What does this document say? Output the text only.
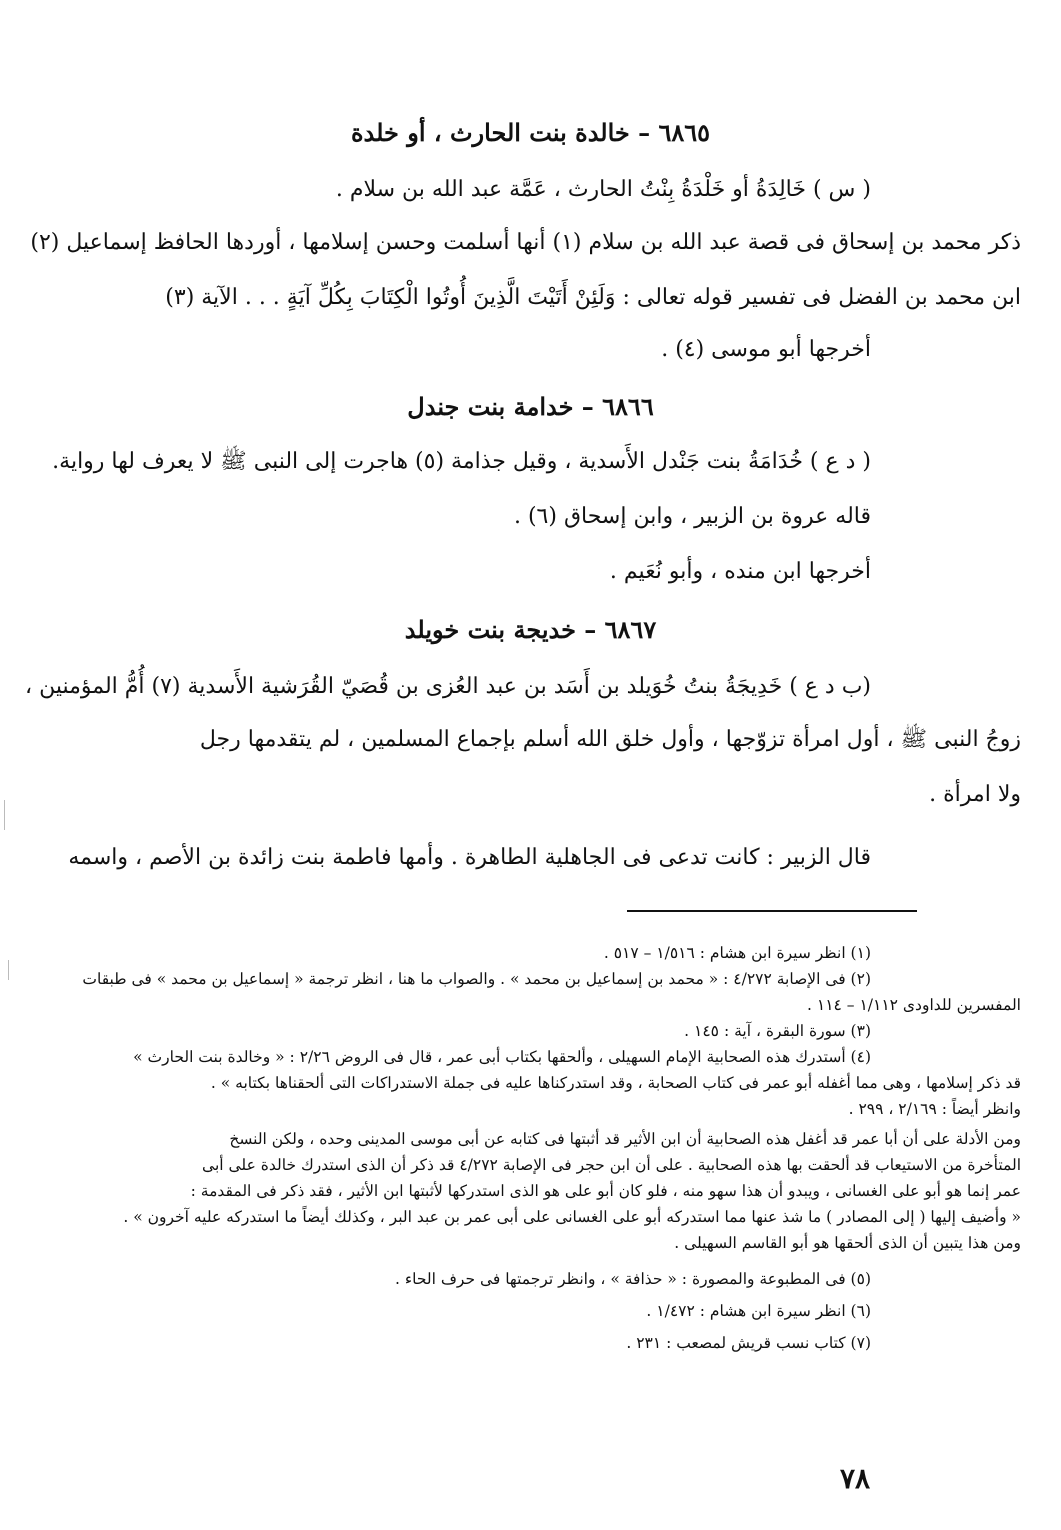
٦٨٦٥ – خالدة بنت الحارث ، أو خلدة
( س ) خَالِدَةُ أو خَلْدَةُ بِنْتُ الحارث ، عَمَّة عبد الله بن سلام .
ذكر محمد بن إسحاق فى قصة عبد الله بن سلام (١) أنها أسلمت وحسن إسلامها ، أوردها الحافظ إسماعيل (٢)
ابن محمد بن الفضل فى تفسير قوله تعالى : وَلَئِنْ أَتَيْتَ الَّذِينَ أُوتُوا الْكِتَابَ بِكُلِّ آيَةٍ . . . الآية (٣)
أخرجها أبو موسى (٤) .
٦٨٦٦ – خدامة بنت جندل
( د ع ) خُدَامَةُ بنت جَنْدل الأَسدية ، وقيل جذامة (٥) هاجرت إلى النبى ﷺ لا يعرف لها رواية.
قاله عروة بن الزبير ، وابن إسحاق (٦) .
أخرجها ابن منده ، وأبو نُعَيم .
٦٨٦٧ – خديجة بنت خويلد
(ب د ع ) خَدِيجَةُ بنتُ خُوَيلد بن أَسَد بن عبد العُزى بن قُصَيّ القُرَشية الأَسدية (٧) أُمُّ المؤمنين ،
زوجُ النبى ﷺ ، أول امرأة تزوّجها ، وأول خلق الله أسلم بإجماع المسلمين ، لم يتقدمها رجل
ولا امرأة .
قال الزبير : كانت تدعى فى الجاهلية الطاهرة . وأمها فاطمة بنت زائدة بن الأصم ، واسمه
(١) انظر سيرة ابن هشام : ١/٥١٦ – ٥١٧ .
(٢) فى الإصابة ٤/٢٧٢ : « محمد بن إسماعيل بن محمد » . والصواب ما هنا ، انظر ترجمة « إسماعيل بن محمد » فى طبقات
المفسرين للداودى ١/١١٢ – ١١٤ .
(٣) سورة البقرة ، آية : ١٤٥ .
(٤) أستدرك هذه الصحابية الإمام السهيلى ، وألحقها بكتاب أبى عمر ، قال فى الروض ٢/٢٦ : « وخالدة بنت الحارث »
قد ذكر إسلامها ، وهى مما أغفله أبو عمر فى كتاب الصحابة ، وقد استدركناها عليه فى جملة الاستدراكات التى ألحقناها بكتابه » .
وانظر أيضاً : ٢/١٦٩ ، ٢٩٩ .
ومن الأدلة على أن أبا عمر قد أغفل هذه الصحابية أن ابن الأثير قد أثبتها فى كتابه عن أبى موسى المدينى وحده ، ولكن النسخ
المتأخرة من الاستيعاب قد ألحقت بها هذه الصحابية . على أن ابن حجر فى الإصابة ٤/٢٧٢ قد ذكر أن الذى استدرك خالدة على أبى
عمر إنما هو أبو على الغسانى ، ويبدو أن هذا سهو منه ، فلو كان أبو على هو الذى استدركها لأثبتها ابن الأثير ، فقد ذكر فى المقدمة :
« وأضيف إليها ( إلى المصادر ) ما شذ عنها مما استدركه أبو على الغسانى على أبى عمر بن عبد البر ، وكذلك أيضاً ما استدركه عليه آخرون » .
ومن هذا يتبين أن الذى ألحقها هو أبو القاسم السهيلى .
(٥) فى المطبوعة والمصورة : « حذافة » ، وانظر ترجمتها فى حرف الحاء .
(٦) انظر سيرة ابن هشام : ١/٤٧٢ .
(٧) كتاب نسب قريش لمصعب : ٢٣١ .
٧٨
